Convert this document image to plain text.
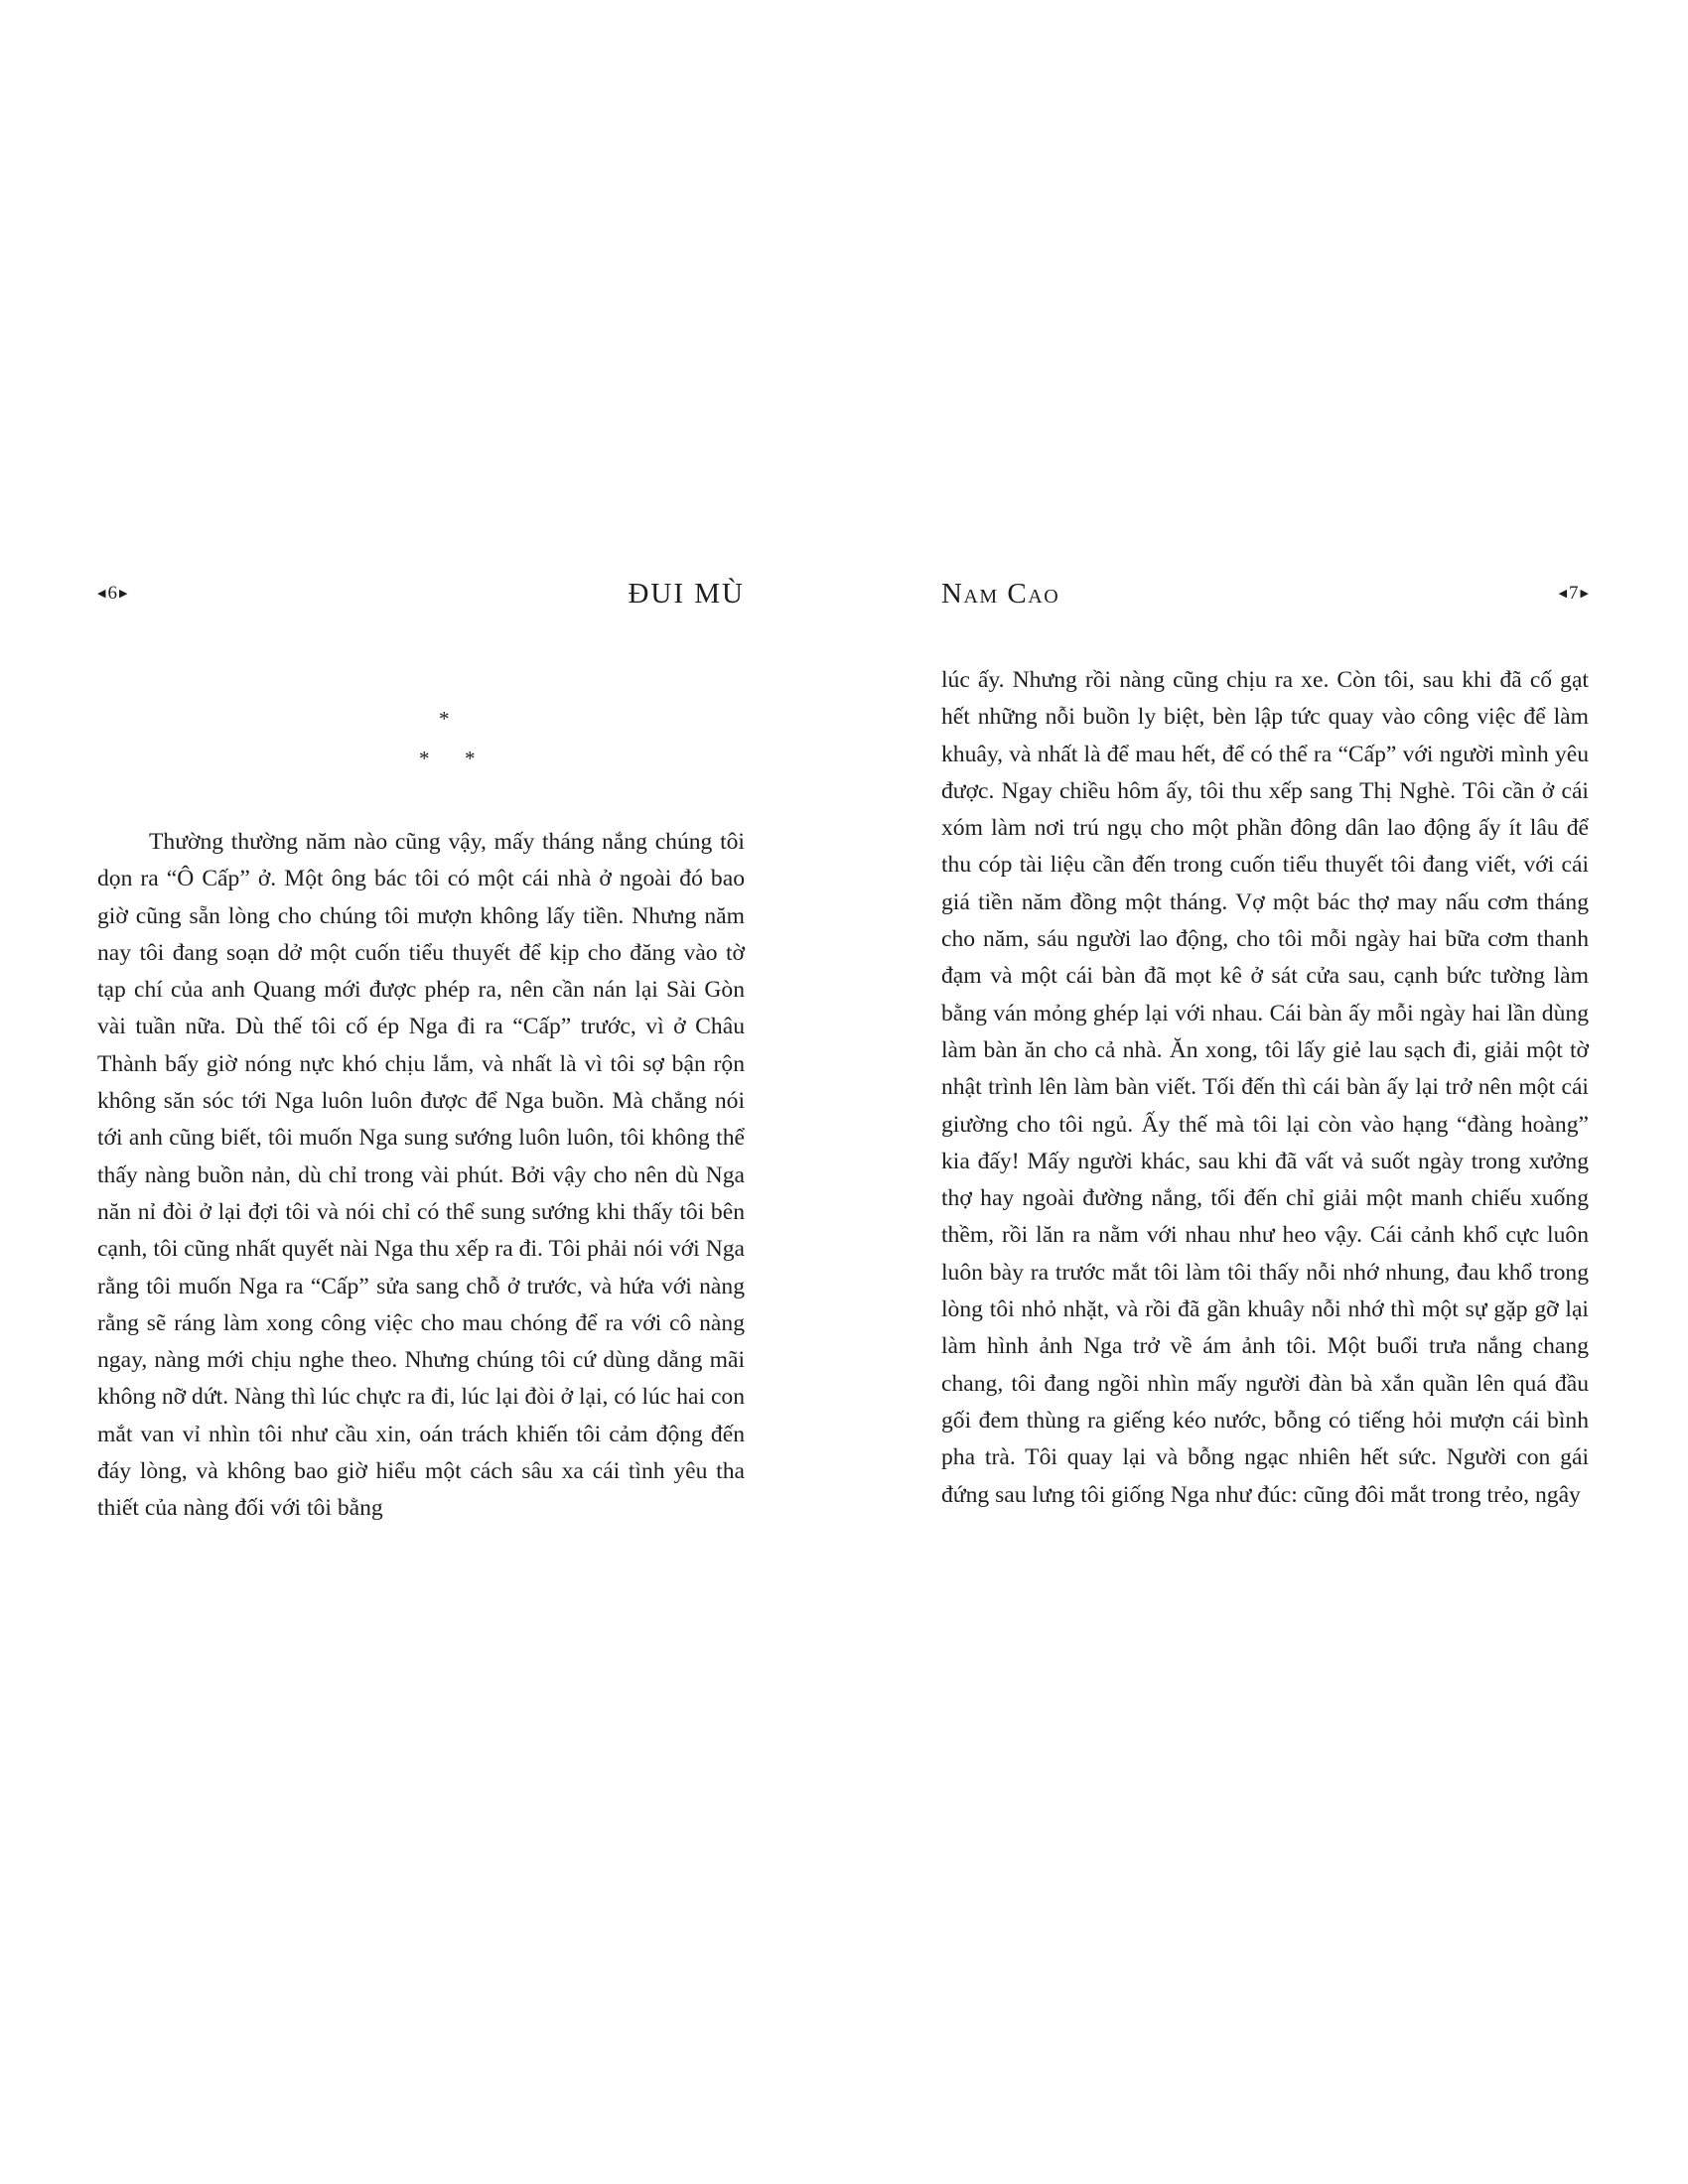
◀ 6 ▶	ĐUI MÙ
*
* *

Thường thường năm nào cũng vậy, mấy tháng nắng chúng tôi dọn ra “Ô Cấp” ở. Một ông bác tôi có một cái nhà ở ngoài đó bao giờ cũng sẵn lòng cho chúng tôi mượn không lấy tiền. Nhưng năm nay tôi đang soạn dở một cuốn tiểu thuyết để kịp cho đăng vào tờ tạp chí của anh Quang mới được phép ra, nên cần nán lại Sài Gòn vài tuần nữa. Dù thế tôi cố ép Nga đi ra “Cấp” trước, vì ở Châu Thành bấy giờ nóng nực khó chịu lắm, và nhất là vì tôi sợ bận rộn không săn sóc tới Nga luôn luôn được để Nga buồn. Mà chẳng nói tới anh cũng biết, tôi muốn Nga sung sướng luôn luôn, tôi không thể thấy nàng buồn nản, dù chỉ trong vài phút. Bởi vậy cho nên dù Nga năn nỉ đòi ở lại đợi tôi và nói chỉ có thể sung sướng khi thấy tôi bên cạnh, tôi cũng nhất quyết nài Nga thu xếp ra đi. Tôi phải nói với Nga rằng tôi muốn Nga ra “Cấp” sửa sang chỗ ở trước, và hứa với nàng rằng sẽ ráng làm xong công việc cho mau chóng để ra với cô nàng ngay, nàng mới chịu nghe theo. Nhưng chúng tôi cứ dùng dằng mãi không nỡ dứt. Nàng thì lúc chực ra đi, lúc lại đòi ở lại, có lúc hai con mắt van vỉ nhìn tôi như cầu xin, oán trách khiến tôi cảm động đến đáy lòng, và không bao giờ hiểu một cách sâu xa cái tình yêu tha thiết của nàng đối với tôi bằng

Nam Cao	◀ 7 ▶

lúc ấy. Nhưng rồi nàng cũng chịu ra xe. Còn tôi, sau khi đã cố gạt hết những nỗi buồn ly biệt, bèn lập tức quay vào công việc để làm khuây, và nhất là để mau hết, để có thể ra “Cấp” với người mình yêu được. Ngay chiều hôm ấy, tôi thu xếp sang Thị Nghè. Tôi cần ở cái xóm làm nơi trú ngụ cho một phần đông dân lao động ấy ít lâu để thu cóp tài liệu cần đến trong cuốn tiểu thuyết tôi đang viết, với cái giá tiền năm đồng một tháng. Vợ một bác thợ may nấu cơm tháng cho năm, sáu người lao động, cho tôi mỗi ngày hai bữa cơm thanh đạm và một cái bàn đã mọt kê ở sát cửa sau, cạnh bức tường làm bằng ván mỏng ghép lại với nhau. Cái bàn ấy mỗi ngày hai lần dùng làm bàn ăn cho cả nhà. Ăn xong, tôi lấy giẻ lau sạch đi, giải một tờ nhật trình lên làm bàn viết. Tối đến thì cái bàn ấy lại trở nên một cái giường cho tôi ngủ. Ấy thế mà tôi lại còn vào hạng “đàng hoàng” kia đấy! Mấy người khác, sau khi đã vất vả suốt ngày trong xưởng thợ hay ngoài đường nắng, tối đến chỉ giải một manh chiếu xuống thềm, rồi lăn ra nằm với nhau như heo vậy. Cái cảnh khổ cực luôn luôn bày ra trước mắt tôi làm tôi thấy nỗi nhớ nhung, đau khổ trong lòng tôi nhỏ nhặt, và rồi đã gần khuây nỗi nhớ thì một sự gặp gỡ lại làm hình ảnh Nga trở về ám ảnh tôi. Một buổi trưa nắng chang chang, tôi đang ngồi nhìn mấy người đàn bà xắn quần lên quá đầu gối đem thùng ra giếng kéo nước, bỗng có tiếng hỏi mượn cái bình pha trà. Tôi quay lại và bỗng ngạc nhiên hết sức. Người con gái đứng sau lưng tôi giống Nga như đúc: cũng đôi mắt trong trẻo, ngây
